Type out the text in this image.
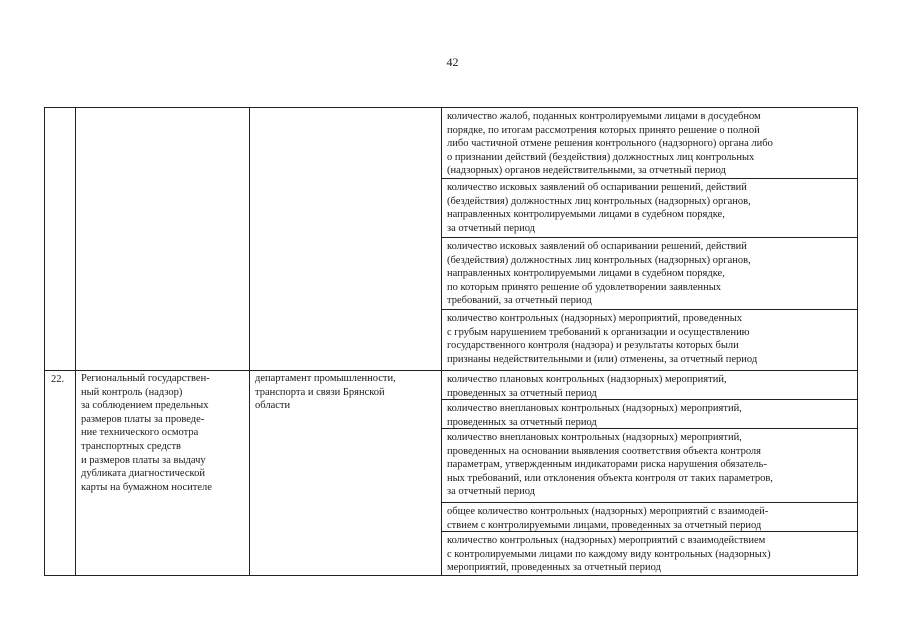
42
количество жалоб, поданных контролируемыми лицами в досудебном
порядке, по итогам рассмотрения которых принято решение о полной
либо частичной отмене решения контрольного (надзорного) органа либо
о признании действий (бездействия) должностных лиц контрольных
(надзорных) органов недействительными, за отчетный период
количество исковых заявлений об оспаривании решений, действий
(бездействия) должностных лиц контрольных (надзорных) органов,
направленных контролируемыми лицами в судебном порядке,
за отчетный период
количество исковых заявлений об оспаривании решений, действий
(бездействия) должностных лиц контрольных (надзорных) органов,
направленных контролируемыми лицами в судебном порядке,
по которым принято решение об удовлетворении заявленных
требований, за отчетный период
количество контрольных (надзорных) мероприятий, проведенных
с грубым нарушением требований к организации и осуществлению
государственного контроля (надзора) и результаты которых были
признаны недействительными и (или) отменены, за отчетный период
22. Региональный государствен-
ный контроль (надзор)
за соблюдением предельных
размеров платы за проведе-
ние технического осмотра
транспортных средств
и размеров платы за выдачу
дубликата диагностической
карты на бумажном носителе
департамент промышленности,
транспорта и связи Брянской
области
количество плановых контрольных (надзорных) мероприятий,
проведенных за отчетный период
количество внеплановых контрольных (надзорных) мероприятий,
проведенных за отчетный период
количество внеплановых контрольных (надзорных) мероприятий,
проведенных на основании выявления соответствия объекта контроля
параметрам, утвержденным индикаторами риска нарушения обязатель-
ных требований, или отклонения объекта контроля от таких параметров,
за отчетный период
общее количество контрольных (надзорных) мероприятий с взаимодей-
ствием с контролируемыми лицами, проведенных за отчетный период
количество контрольных (надзорных) мероприятий с взаимодействием
с контролируемыми лицами по каждому виду контрольных (надзорных)
мероприятий, проведенных за отчетный период
